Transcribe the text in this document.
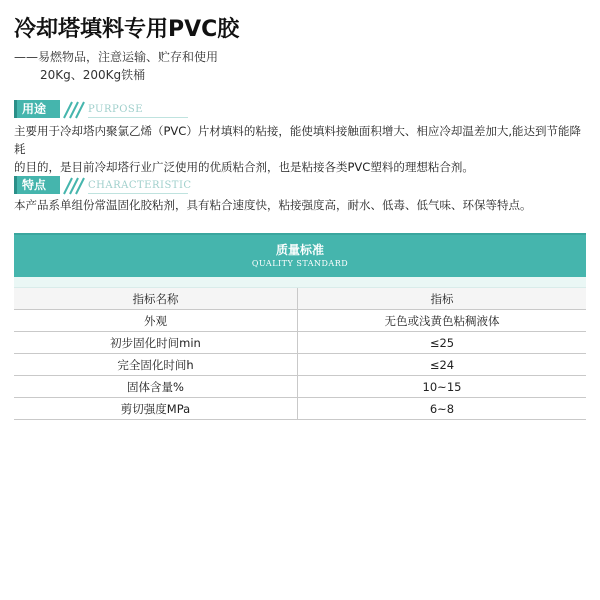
冷却塔填料专用PVC胶
——易燃物品，注意运输、贮存和使用
20Kg、200Kg铁桶
用途	PURPOSE
主要用于冷却塔内聚氯乙烯（PVC）片材填料的粘接，能使填料接触面积增大、相应冷却温差加大,能达到节能降耗
的目的，是目前冷却塔行业广泛使用的优质粘合剂，也是粘接各类PVC塑料的理想粘合剂。
特点	CHARACTERISTIC
本产品系单组份常温固化胶粘剂，具有粘合速度快，粘接强度高，耐水、低毒、低气味、环保等特点。
质量标准
QUALITY STANDARD
指标名称	指标
外观	无色或浅黄色粘稠液体
初步固化时间min	≤25
完全固化时间h	≤24
固体含量%	10~15
剪切强度MPa	6~8
